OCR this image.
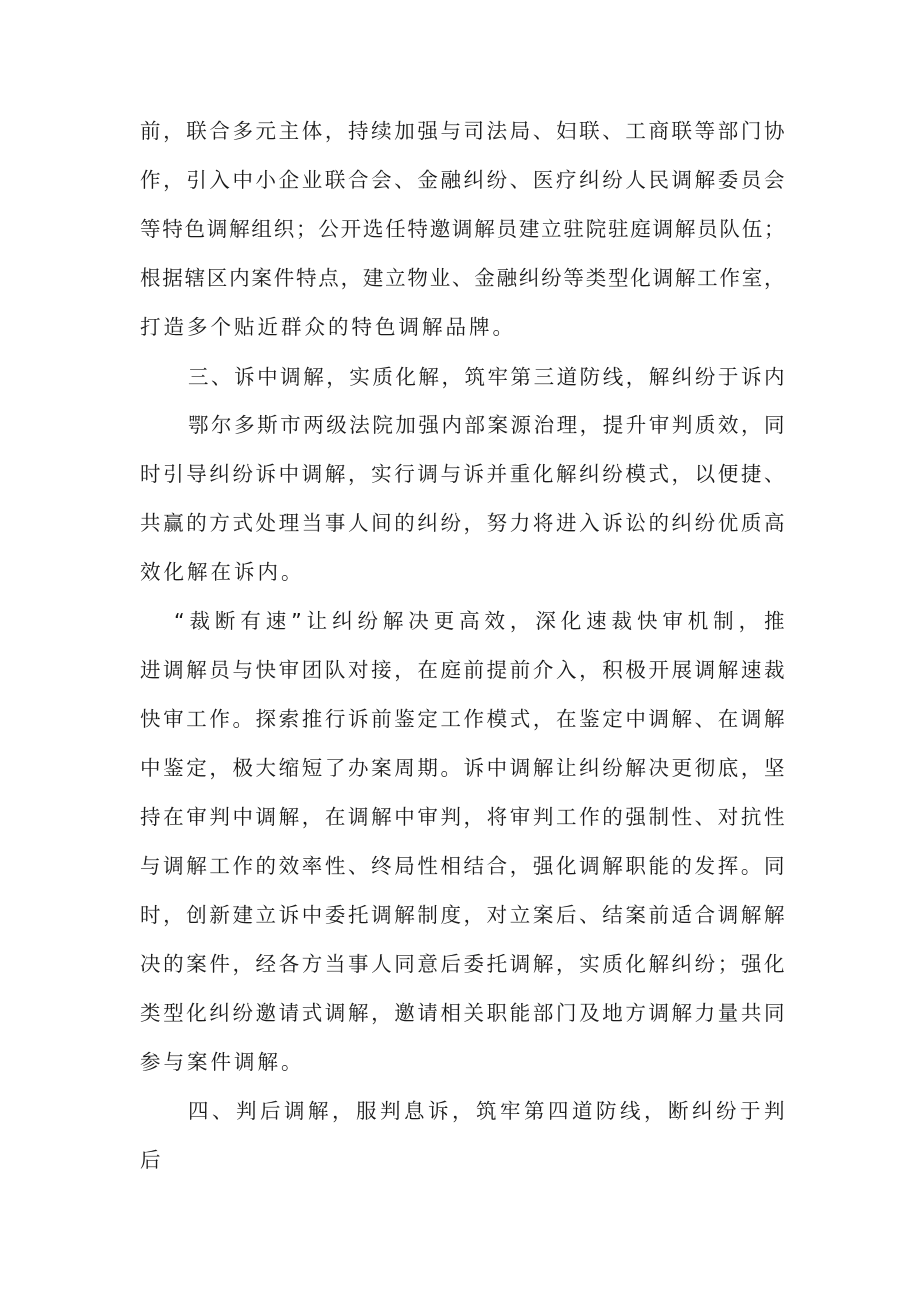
前，联合多元主体，持续加强与司法局、妇联、工商联等部门协
作，引入中小企业联合会、金融纠纷、医疗纠纷人民调解委员会
等特色调解组织；公开选任特邀调解员建立驻院驻庭调解员队伍；
根据辖区内案件特点，建立物业、金融纠纷等类型化调解工作室，
打造多个贴近群众的特色调解品牌。
三、诉中调解，实质化解，筑牢第三道防线，解纠纷于诉内
鄂尔多斯市两级法院加强内部案源治理，提升审判质效，同
时引导纠纷诉中调解，实行调与诉并重化解纠纷模式，以便捷、
共赢的方式处理当事人间的纠纷，努力将进入诉讼的纠纷优质高
效化解在诉内。
“裁断有速”让纠纷解决更高效，深化速裁快审机制，推
进调解员与快审团队对接，在庭前提前介入，积极开展调解速裁
快审工作。探索推行诉前鉴定工作模式，在鉴定中调解、在调解
中鉴定，极大缩短了办案周期。诉中调解让纠纷解决更彻底，坚
持在审判中调解，在调解中审判，将审判工作的强制性、对抗性
与调解工作的效率性、终局性相结合，强化调解职能的发挥。同
时，创新建立诉中委托调解制度，对立案后、结案前适合调解解
决的案件，经各方当事人同意后委托调解，实质化解纠纷；强化
类型化纠纷邀请式调解，邀请相关职能部门及地方调解力量共同
参与案件调解。
四、判后调解，服判息诉，筑牢第四道防线，断纠纷于判
后
